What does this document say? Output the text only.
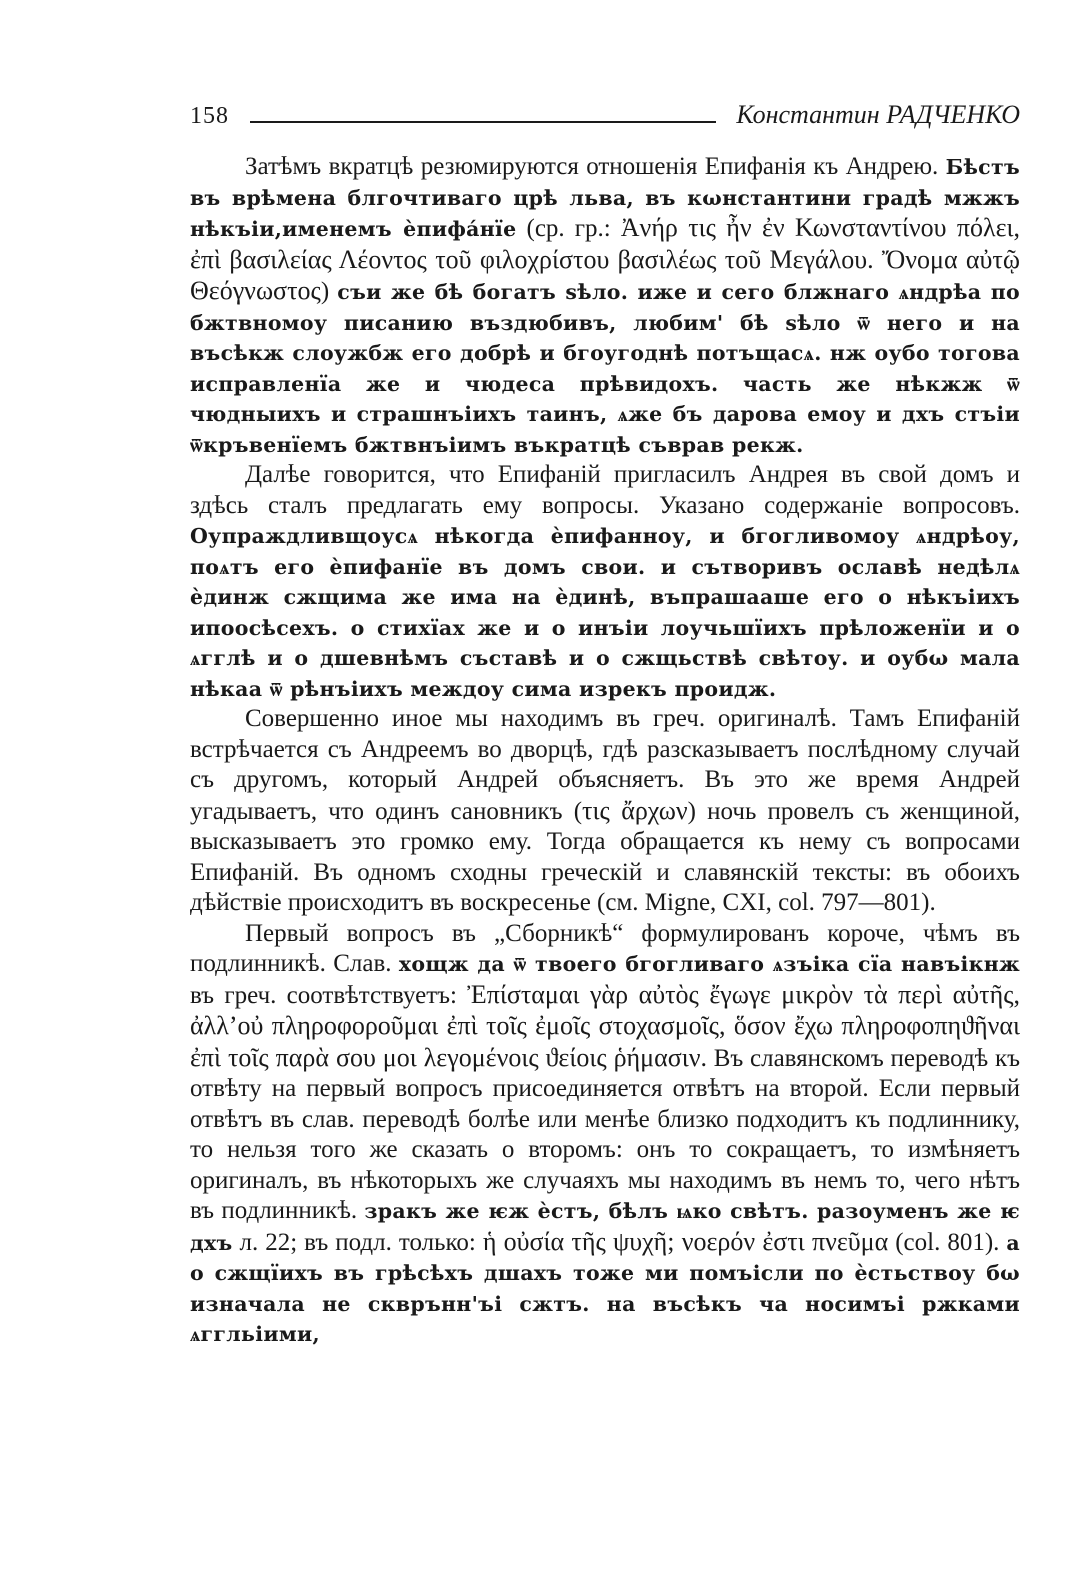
158	Константин РАДЧЕНКО

Затѣмъ вкратцѣ резюмируются отношенія Епифанія къ Андрею. Бѣстъ въ врѣмена блгочтиваго црѣ льва, въ кωнстантини градѣ мжжъ нѣкъіи,именемъ ѐпифа́нїе (ср. гр.: Ἀνήρ τις ἦν ἐν Κωνσταντίνου πόλει, ἐπὶ βασιλείας Λέοντος τοῦ φιλοχρίστου βασιλέως τοῦ Μεγάλου. Ὄνομα αὐτῷ Θεόγνωστος) съи же бѣ богатъ ѕѣло. иже и сего блжнаго ѧндрѣа по бжтвномоу писанию въздюбивъ, любим' бѣ ѕѣло ѿ него и на въсѣкж слоужбж его добрѣ и бгоугоднѣ потъщасѧ. нж оубо тогова исправленїа же и чюдеса прѣвидохъ. часть же нѣкжж ѿ чюдныихъ и страшнъіихъ таинъ, ѧже бъ дарова емоу и дхъ стъіи ѿкръвенїемъ бжтвнъіимъ въкратцѣ съврав рекж.

Далѣе говорится, что Епифаній пригласилъ Андрея въ свой домъ и здѣсь сталъ предлагать ему вопросы. Указано содержаніе вопросовъ. Оупраждливщоусѧ нѣкогда ѐпифанноу, и бгогливомоу ѧндрѣоу, поѧтъ его ѐпифанїе въ домъ свои. и сътворивъ ославѣ недѣлѧ ѐдинж сжщима же има на ѐдинѣ, въпрашааше его о нѣкъіихъ ипоосѣсехъ. о стихїах же и о инъіи лоучьшїихъ прѣложенїи и о ѧгглѣ и о дшевнѣмъ съставѣ и о сжщьствѣ свѣтоу. и оубω мала нѣкаа ѿ рѣнъіихъ междоу сима изрекъ проидж.

Совершенно иное мы находимъ въ греч. оригиналѣ. Тамъ Епифаній встрѣчается съ Андреемъ во дворцѣ, гдѣ разсказываетъ послѣдному случай съ другомъ, который Андрей объясняетъ. Въ это же время Андрей угадываетъ, что одинъ сановникъ (τις ἄρχων) ночь провелъ съ женщиной, высказываетъ это громко ему. Тогда обращается къ нему съ вопросами Епифаній. Въ одномъ сходны греческій и славянскій тексты: въ обоихъ дѣйствіе происходитъ въ воскресенье (см. Migne, CXI, col. 797—801).

Первый вопросъ въ „Сборникѣ“ формулированъ короче, чѣмъ въ подлинникѣ. Слав. хощж да ѿ твоего бгогливаго ѧзъіка сїа навъікнж въ греч. соотвѣтствуетъ: Ἐπίσταμαι γὰρ αὐτὸς ἔγωγε μικρὸν τὰ περὶ αὐτῆς, ἀλλ’οὐ πληροφοροῦμαι ἐπὶ τοῖς ἐμοῖς στοχασμοῖς, ὅσον ἔχω πληροφοπηϑῆναι ἐπὶ τοῖς παρὰ σου μοι λεγομένοις ϑείοις ῥήμασιν. Въ славянскомъ переводѣ къ отвѣту на первый вопросъ присоединяется отвѣтъ на второй. Если первый отвѣтъ въ слав. переводѣ болѣе или менѣе близко подходитъ къ подлиннику, то нельзя того же сказать о второмъ: онъ то сокращаетъ, то измѣняетъ оригиналъ, въ нѣкоторыхъ же случаяхъ мы находимъ въ немъ то, чего нѣтъ въ подлинникѣ. зракъ же ѥж ѐстъ, бѣлъ ѩко свѣтъ. разоуменъ же ѥ дхъ л. 22; въ подл. только: ἡ οὐσία τῆς ψυχῆ; νοερόν ἐστι πνεῦμα (col. 801). а о сжщїихъ въ грѣсѣхъ дшахъ тоже ми помъісли по ѐстьствоу бω изначала не скврънн'ъі сжтъ. на въсѣкъ ча носимъі ржками ѧггльіими,
